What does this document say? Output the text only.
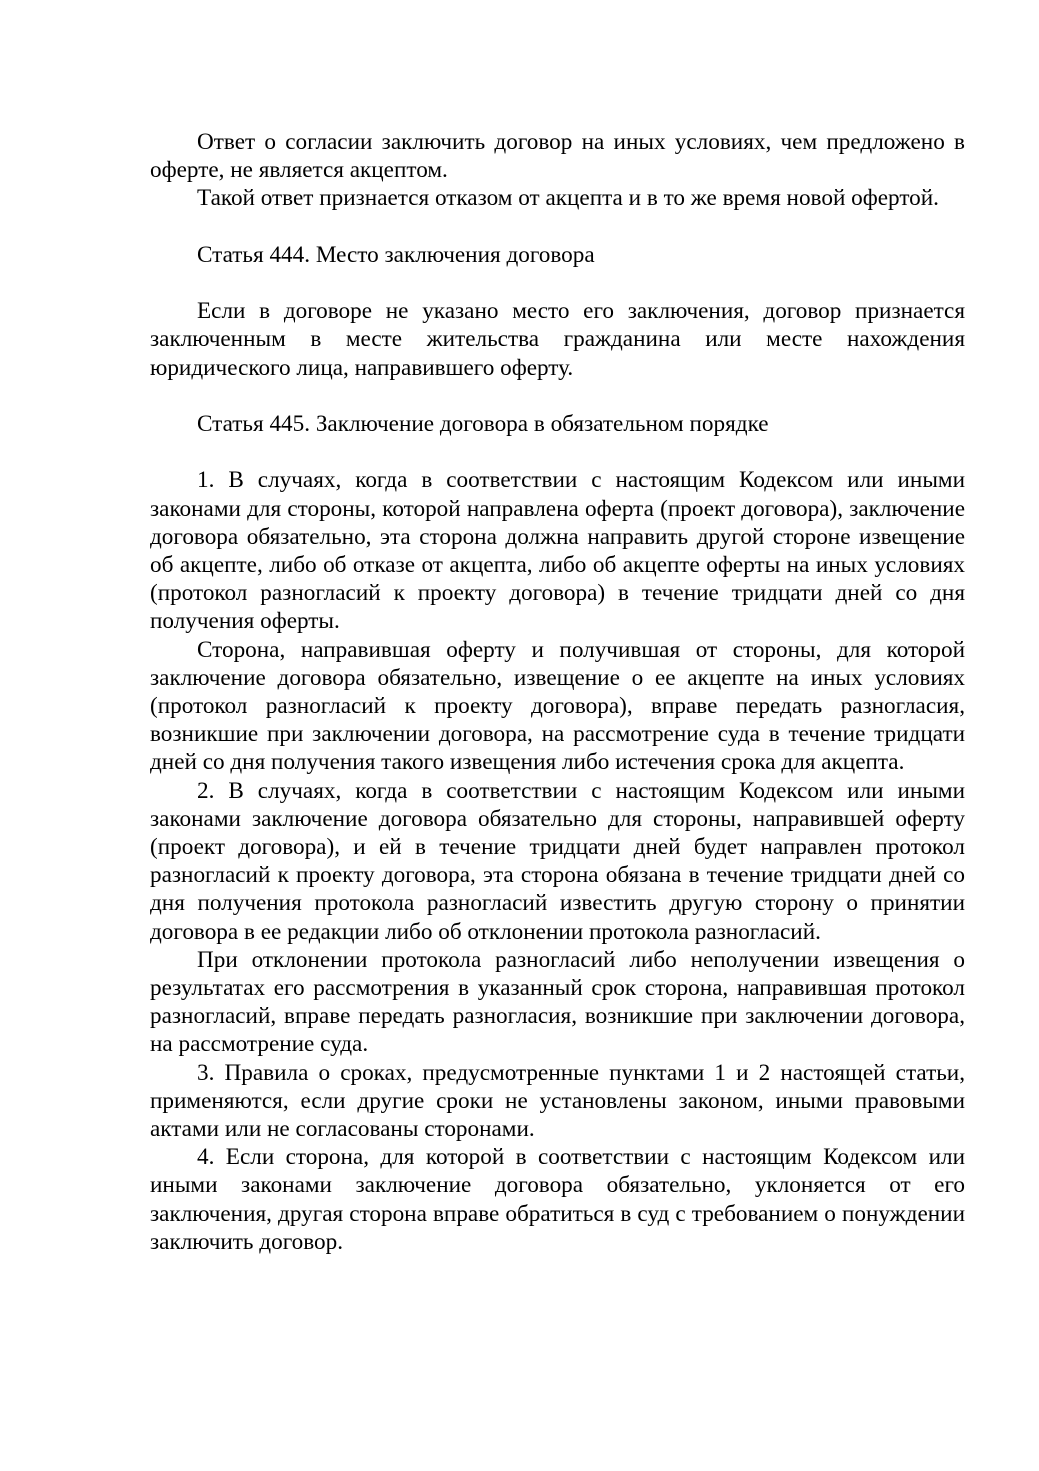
Ответ о согласии заключить договор на иных условиях, чем предложено в оферте, не является акцептом.

Такой ответ признается отказом от акцепта и в то же время новой офертой.

Статья 444. Место заключения договора

Если в договоре не указано место его заключения, договор признается заключенным в месте жительства гражданина или месте нахождения юридического лица, направившего оферту.

Статья 445. Заключение договора в обязательном порядке

1. В случаях, когда в соответствии с настоящим Кодексом или иными законами для стороны, которой направлена оферта (проект договора), заключение договора обязательно, эта сторона должна направить другой стороне извещение об акцепте, либо об отказе от акцепта, либо об акцепте оферты на иных условиях (протокол разногласий к проекту договора) в течение тридцати дней со дня получения оферты.

Сторона, направившая оферту и получившая от стороны, для которой заключение договора обязательно, извещение о ее акцепте на иных условиях (протокол разногласий к проекту договора), вправе передать разногласия, возникшие при заключении договора, на рассмотрение суда в течение тридцати дней со дня получения такого извещения либо истечения срока для акцепта.

2. В случаях, когда в соответствии с настоящим Кодексом или иными законами заключение договора обязательно для стороны, направившей оферту (проект договора), и ей в течение тридцати дней будет направлен протокол разногласий к проекту договора, эта сторона обязана в течение тридцати дней со дня получения протокола разногласий известить другую сторону о принятии договора в ее редакции либо об отклонении протокола разногласий.

При отклонении протокола разногласий либо неполучении извещения о результатах его рассмотрения в указанный срок сторона, направившая протокол разногласий, вправе передать разногласия, возникшие при заключении договора, на рассмотрение суда.

3. Правила о сроках, предусмотренные пунктами 1 и 2 настоящей статьи, применяются, если другие сроки не установлены законом, иными правовыми актами или не согласованы сторонами.

4. Если сторона, для которой в соответствии с настоящим Кодексом или иными законами заключение договора обязательно, уклоняется от его заключения, другая сторона вправе обратиться в суд с требованием о понуждении заключить договор.
